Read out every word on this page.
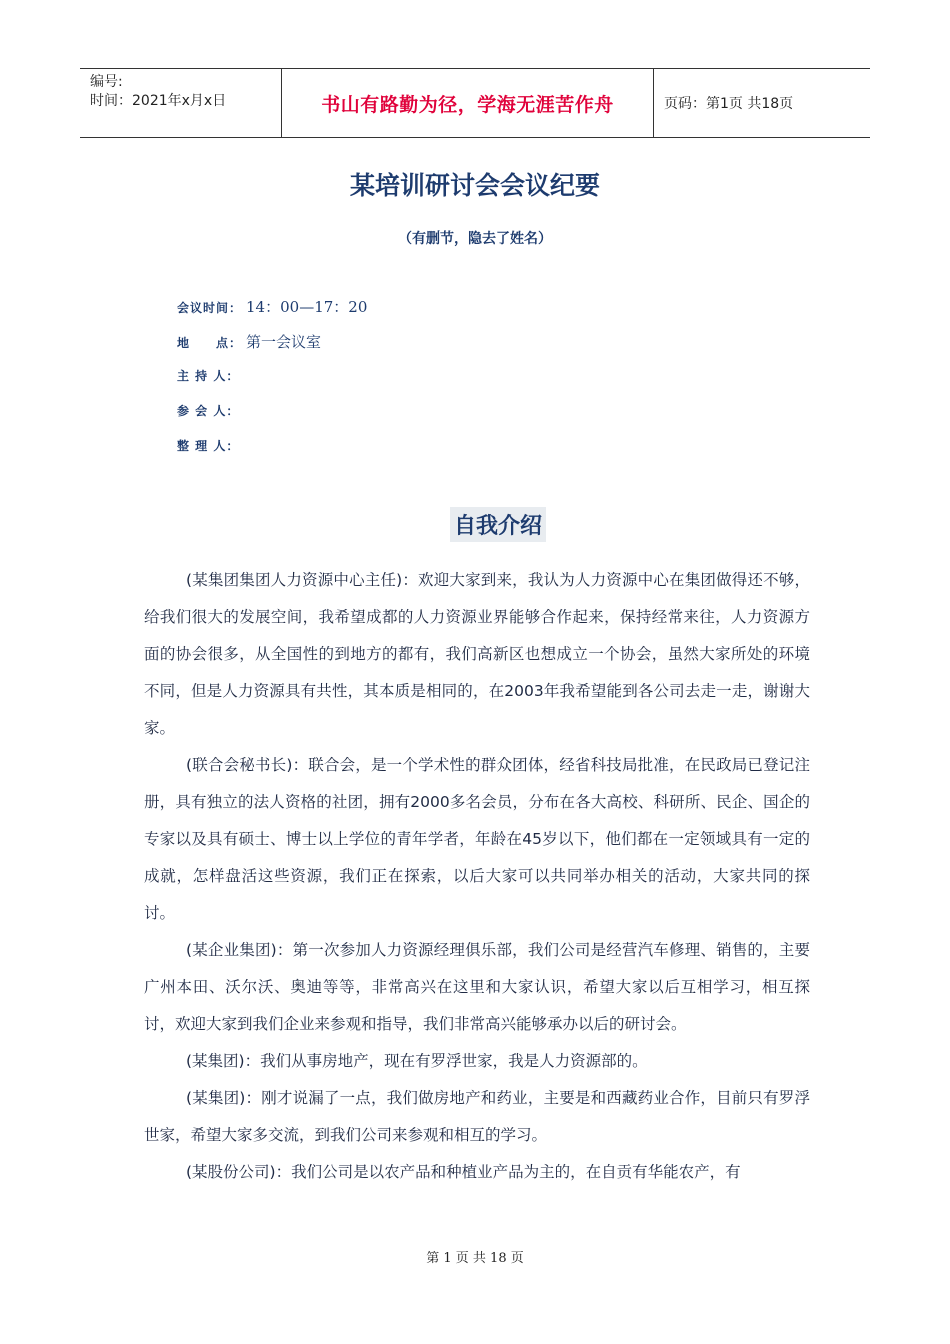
编号:
时间：2021年x月x日	书山有路勤为径，学海无涯苦作舟	页码：第1页 共18页
某培训研讨会会议纪要
（有删节，隐去了姓名）
会议时间： 14：00—17：20
地　　点： 第一会议室
主 持 人：
参 会 人：
整 理 人：
自我介绍

(某集团集团人力资源中心主任)：欢迎大家到来，我认为人力资源中心在集团做得还不够，给我们很大的发展空间，我希望成都的人力资源业界能够合作起来，保持经常来往，人力资源方面的协会很多，从全国性的到地方的都有，我们高新区也想成立一个协会，虽然大家所处的环境不同，但是人力资源具有共性，其本质是相同的，在2003年我希望能到各公司去走一走，谢谢大家。

(联合会秘书长)：联合会，是一个学术性的群众团体，经省科技局批准，在民政局已登记注册，具有独立的法人资格的社团，拥有2000多名会员，分布在各大高校、科研所、民企、国企的专家以及具有硕士、博士以上学位的青年学者，年龄在45岁以下，他们都在一定领域具有一定的成就，怎样盘活这些资源，我们正在探索，以后大家可以共同举办相关的活动，大家共同的探讨。

(某企业集团)：第一次参加人力资源经理俱乐部，我们公司是经营汽车修理、销售的，主要广州本田、沃尔沃、奥迪等等，非常高兴在这里和大家认识，希望大家以后互相学习，相互探讨，欢迎大家到我们企业来参观和指导，我们非常高兴能够承办以后的研讨会。

(某集团)：我们从事房地产，现在有罗浮世家，我是人力资源部的。

(某集团)：刚才说漏了一点，我们做房地产和药业，主要是和西藏药业合作，目前只有罗浮世家，希望大家多交流，到我们公司来参观和相互的学习。

(某股份公司)：我们公司是以农产品和种植业产品为主的，在自贡有华能农产，有

第 1 页 共 18 页
